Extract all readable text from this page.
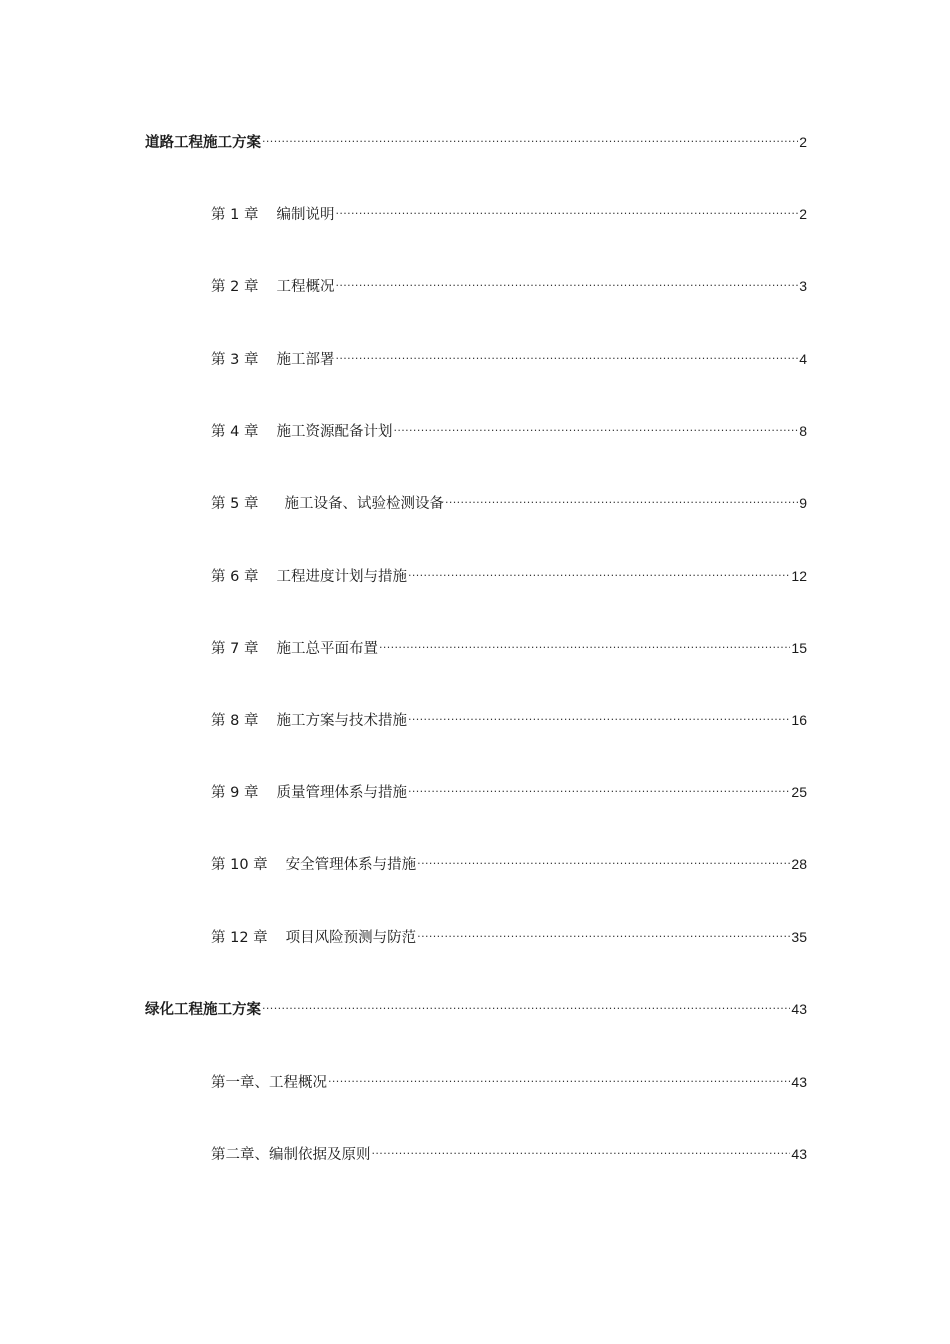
道路工程施工方案 .....	2
第 1 章 编制说明 .....	2
第 2 章 工程概况 .....	3
第 3 章 施工部署 .....	4
第 4 章 施工资源配备计划 .....	8
第 5 章 施工设备、试验检测设备 .....	9
第 6 章 工程进度计划与措施 .....	12
第 7 章 施工总平面布置 .....	15
第 8 章 施工方案与技术措施 .....	16
第 9 章 质量管理体系与措施 .....	25
第 10 章 安全管理体系与措施 .....	28
第 12 章 项目风险预测与防范 .....	35
绿化工程施工方案 .....	43
第一章、工程概况 .....	43
第二章、编制依据及原则 .....	43
